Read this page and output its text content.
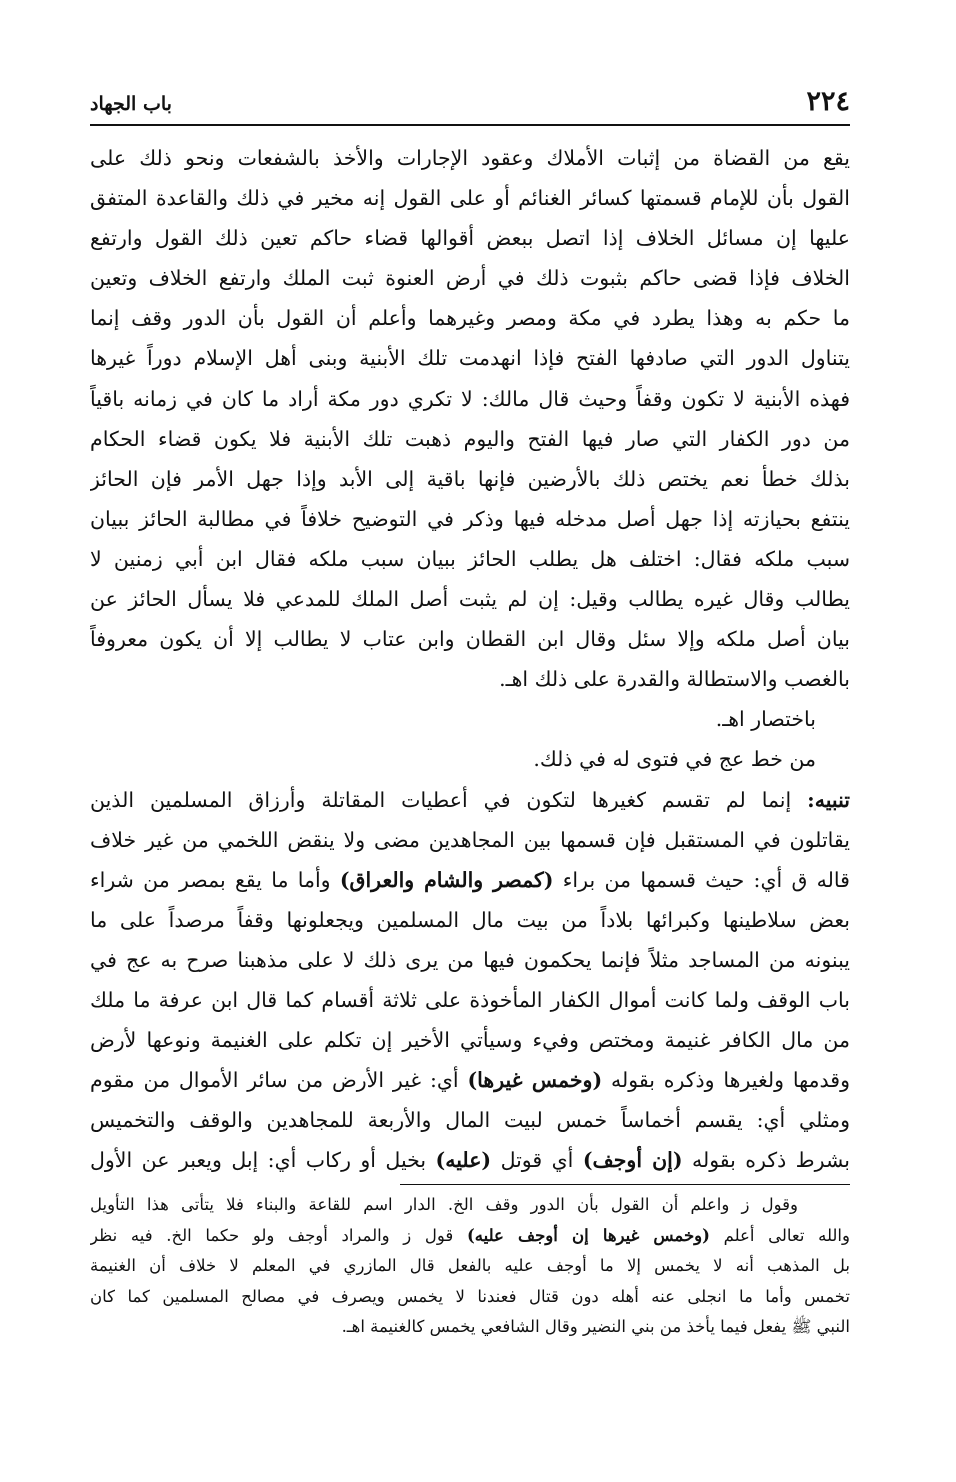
٢٢٤
باب الجهاد
يقع من القضاة من إثبات الأملاك وعقود الإجارات والأخذ بالشفعات ونحو ذلك على
القول بأن للإمام قسمتها كسائر الغنائم أو على القول إنه مخير في ذلك والقاعدة المتفق
عليها إن مسائل الخلاف إذا اتصل ببعض أقوالها قضاء حاكم تعين ذلك القول وارتفع
الخلاف فإذا قضى حاكم بثبوت ذلك في أرض العنوة ثبت الملك وارتفع الخلاف وتعين
ما حكم به وهذا يطرد في مكة ومصر وغيرهما وأعلم أن القول بأن الدور وقف إنما
يتناول الدور التي صادفها الفتح فإذا انهدمت تلك الأبنية وبنى أهل الإسلام دوراً غيرها
فهذه الأبنية لا تكون وقفاً وحيث قال مالك: لا تكري دور مكة أراد ما كان في زمانه باقياً
من دور الكفار التي صار فيها الفتح واليوم ذهبت تلك الأبنية فلا يكون قضاء الحكام
بذلك خطأ نعم يختص ذلك بالأرضين فإنها باقية إلى الأبد وإذا جهل الأمر فإن الحائز
ينتفع بحيازته إذا جهل أصل مدخله فيها وذكر في التوضيح خلافاً في مطالبة الحائز ببيان
سبب ملكه فقال: اختلف هل يطلب الحائز ببيان سبب ملكه فقال ابن أبي زمنين لا
يطالب وقال غيره يطالب وقيل: إن لم يثبت أصل الملك للمدعي فلا يسأل الحائز عن
بيان أصل ملكه وإلا سئل وقال ابن القطان وابن عتاب لا يطالب إلا أن يكون معروفاً
بالغصب والاستطالة والقدرة على ذلك اهـ.
باختصار اهـ.
من خط عج في فتوى له في ذلك.
تنبيه: إنما لم تقسم كغيرها لتكون في أعطيات المقاتلة وأرزاق المسلمين الذين
يقاتلون في المستقبل فإن قسمها بين المجاهدين مضى ولا ينقض اللخمي من غير خلاف
قاله ق أي: حيث قسمها من براء (كمصر والشام والعراق) وأما ما يقع بمصر من شراء
بعض سلاطينها وكبرائها بلاداً من بيت مال المسلمين ويجعلونها وقفاً مرصداً على ما
يبنونه من المساجد مثلاً فإنما يحكمون فيها من يرى ذلك لا على مذهبنا صرح به عج في
باب الوقف ولما كانت أموال الكفار المأخوذة على ثلاثة أقسام كما قال ابن عرفة ما ملك
من مال الكافر غنيمة ومختص وفيء وسيأتي الأخير إن تكلم على الغنيمة ونوعها لأرض
وقدمها ولغيرها وذكره بقوله (وخمس غيرها) أي: غير الأرض من سائر الأموال من مقوم
ومثلي أي: يقسم أخماساً خمس لبيت المال والأربعة للمجاهدين والوقف والتخميس
بشرط ذكره بقوله (إن أوجف) أي قوتل (عليه) بخيل أو ركاب أي: إبل ويعبر عن الأول
وقول ز واعلم أن القول بأن الدور وقف الخ. الدار اسم للقاعة والبناء فلا يتأتى هذا التأويل
والله تعالى أعلم (وخمس غيرها إن أوجف عليه) قول ز والمراد أوجف ولو حكما الخ. فيه نظر
بل المذهب أنه لا يخمس إلا ما أوجف عليه بالفعل قال المازري في المعلم لا خلاف أن الغنيمة
تخمس وأما ما انجلى عنه أهله دون قتال فعندنا لا يخمس ويصرف في مصالح المسلمين كما كان
النبي ﷺ يفعل فيما يأخذ من بني النضير وقال الشافعي يخمس كالغنيمة اهـ.
